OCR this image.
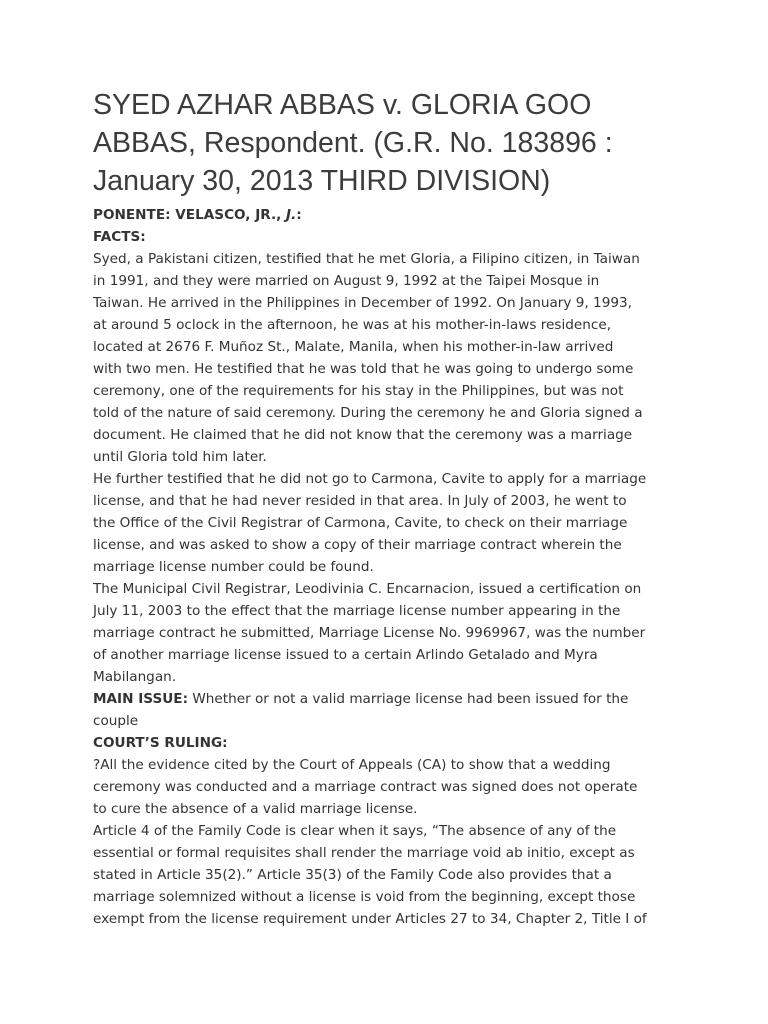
SYED AZHAR ABBAS v. GLORIA GOO
ABBAS, Respondent. (G.R. No. 183896 :
January 30, 2013 THIRD DIVISION)
PONENTE: VELASCO, JR., J.:
FACTS:
Syed, a Pakistani citizen, testified that he met Gloria, a Filipino citizen, in Taiwan
in 1991, and they were married on August 9, 1992 at the Taipei Mosque in
Taiwan. He arrived in the Philippines in December of 1992. On January 9, 1993,
at around 5 oclock in the afternoon, he was at his mother-in-laws residence,
located at 2676 F. Muñoz St., Malate, Manila, when his mother-in-law arrived
with two men. He testified that he was told that he was going to undergo some
ceremony, one of the requirements for his stay in the Philippines, but was not
told of the nature of said ceremony. During the ceremony he and Gloria signed a
document. He claimed that he did not know that the ceremony was a marriage
until Gloria told him later.
He further testified that he did not go to Carmona, Cavite to apply for a marriage
license, and that he had never resided in that area. In July of 2003, he went to
the Office of the Civil Registrar of Carmona, Cavite, to check on their marriage
license, and was asked to show a copy of their marriage contract wherein the
marriage license number could be found.
The Municipal Civil Registrar, Leodivinia C. Encarnacion, issued a certification on
July 11, 2003 to the effect that the marriage license number appearing in the
marriage contract he submitted, Marriage License No. 9969967, was the number
of another marriage license issued to a certain Arlindo Getalado and Myra
Mabilangan.
MAIN ISSUE: Whether or not a valid marriage license had been issued for the
couple
COURT’S RULING:
?All the evidence cited by the Court of Appeals (CA) to show that a wedding
ceremony was conducted and a marriage contract was signed does not operate
to cure the absence of a valid marriage license.
Article 4 of the Family Code is clear when it says, “The absence of any of the
essential or formal requisites shall render the marriage void ab initio, except as
stated in Article 35(2).” Article 35(3) of the Family Code also provides that a
marriage solemnized without a license is void from the beginning, except those
exempt from the license requirement under Articles 27 to 34, Chapter 2, Title I of
